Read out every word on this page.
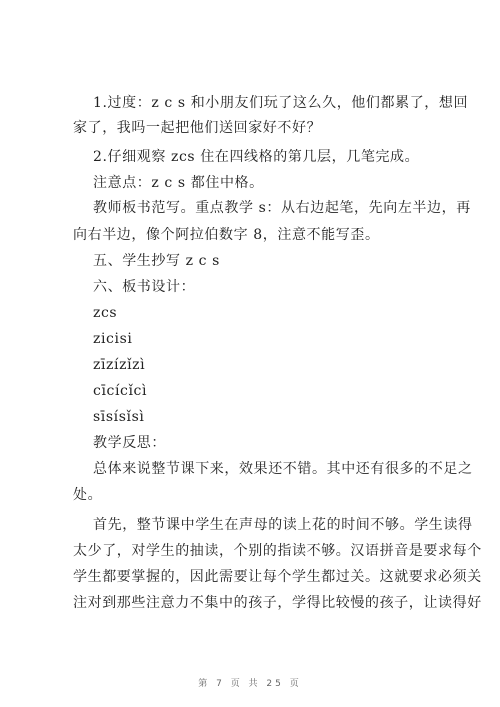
1.过度：z c s 和小朋友们玩了这么久，他们都累了，想回
家了，我吗一起把他们送回家好不好？
2.仔细观察 zcs 住在四线格的第几层，几笔完成。
注意点：z c s 都住中格。
教师板书范写。重点教学 s：从右边起笔，先向左半边，再
向右半边，像个阿拉伯数字 8，注意不能写歪。
五、学生抄写 z c s
六、板书设计：
zcs
zicisi
zīzízǐzì
cīcícǐcì
sīsísǐsì
教学反思：
总体来说整节课下来，效果还不错。其中还有很多的不足之
处。
首先，整节课中学生在声母的读上花的时间不够。学生读得
太少了，对学生的抽读，个别的指读不够。汉语拼音是要求每个
学生都要掌握的，因此需要让每个学生都过关。这就要求必须关
注对到那些注意力不集中的孩子，学得比较慢的孩子，让读得好
第 7 页 共 25 页
